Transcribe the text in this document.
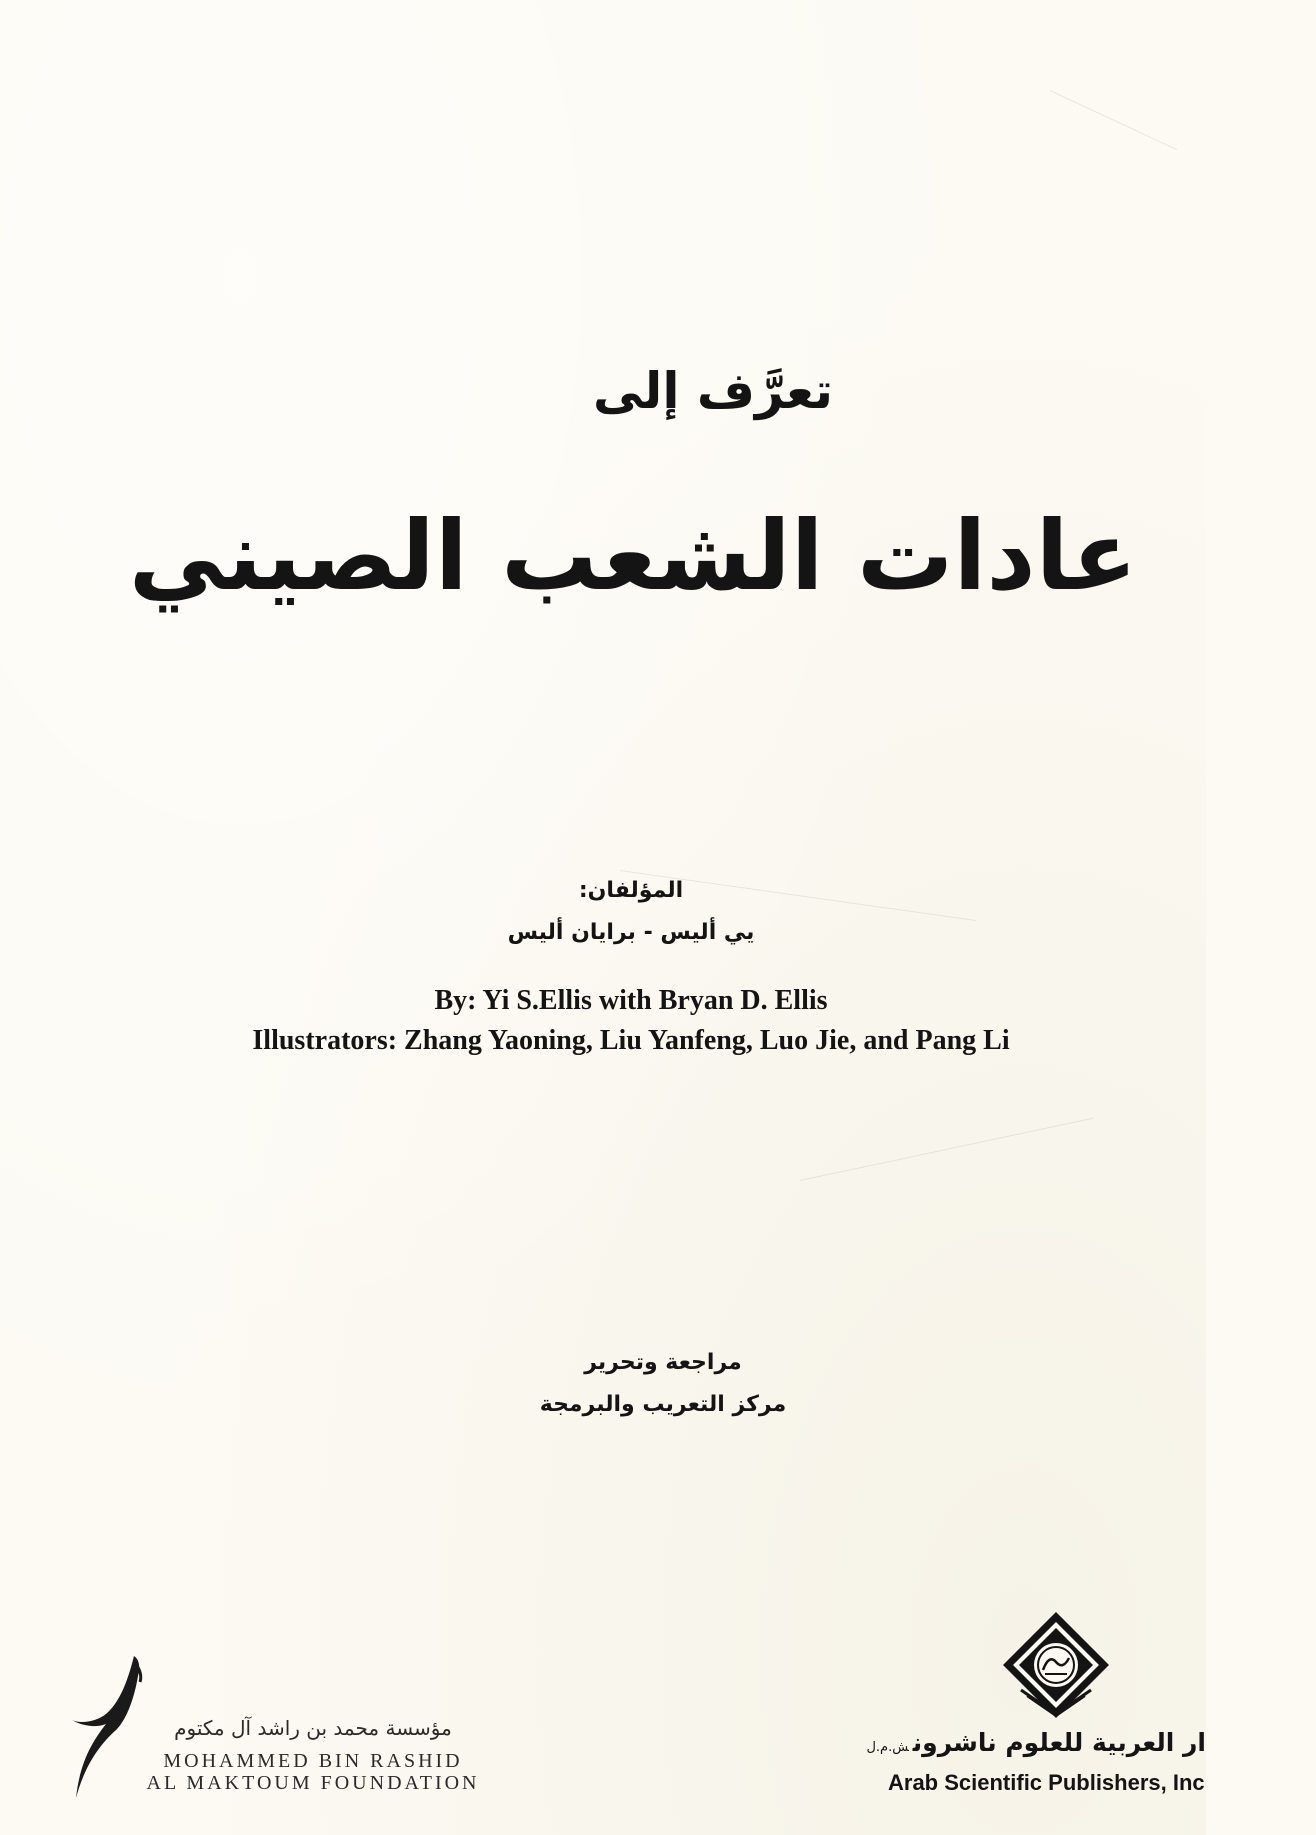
تعرَّف إلى
عادات الشعب الصيني
المؤلفان:
يي أليس - برايان أليس
By: Yi S.Ellis with Bryan D. Ellis
Illustrators: Zhang Yaoning, Liu Yanfeng, Luo Jie, and Pang Li
مراجعة وتحرير
مركز التعريب والبرمجة
مؤسسة محمد بن راشد آل مكتوم
MOHAMMED BIN RASHID
AL MAKTOUM FOUNDATION
ار العربية للعلوم ناشرونش.م.ل
Arab Scientific Publishers, Inc
